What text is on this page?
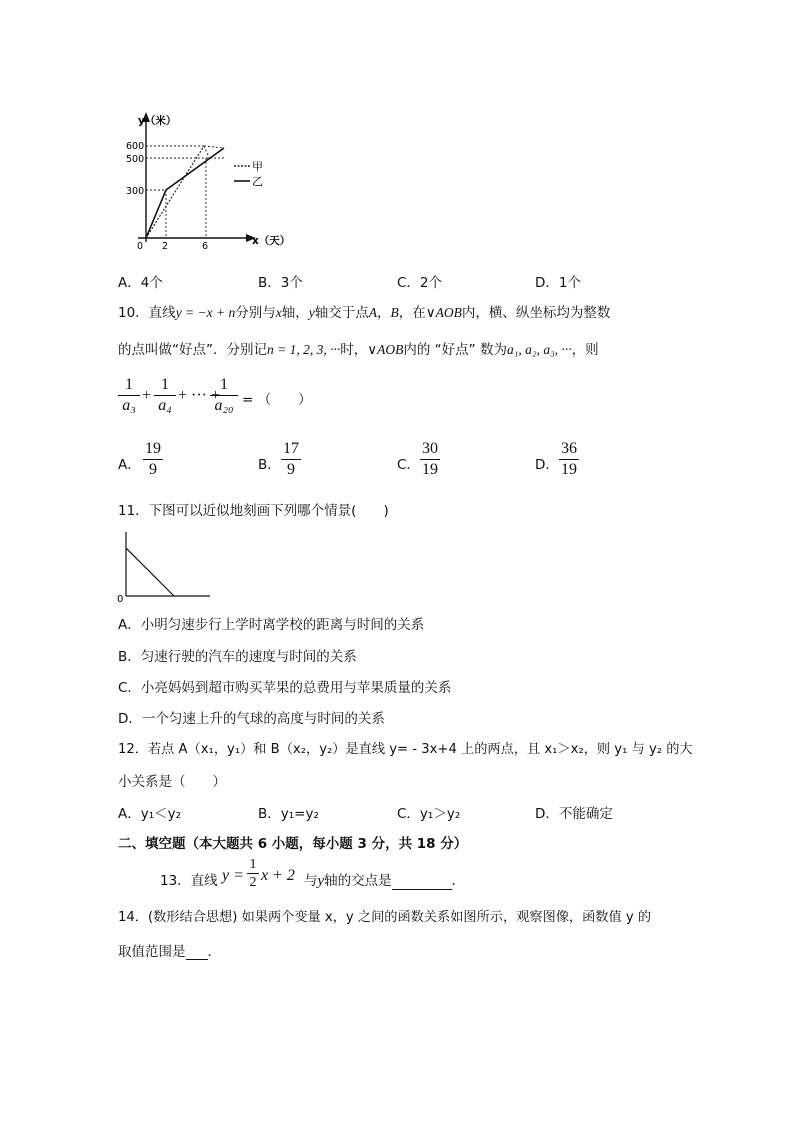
y（米）
x（天）
600
500
300
0 2	6
甲
乙
A．4个	B．3个	C．2个	D．1个
10．直线y = −x + n分别与x轴，y轴交于点A，B，在∨AOB内，横、纵坐标均为整数
的点叫做“好点”．分别记n = 1, 2, 3, ···时，∨AOB内的 “好点” 数为a₁, a₂, a₃, ···，则
1
a₃
+
1
a₄
+ ··· +
1
a₂₀ = （　　）
A．
19
9	B．
17
9	C．
30
19	D．
36
19
11．下图可以近似地刻画下列哪个情景(　　)
0
A．小明匀速步行上学时离学校的距离与时间的关系
B．匀速行驶的汽车的速度与时间的关系
C．小亮妈妈到超市购买苹果的总费用与苹果质量的关系
D．一个匀速上升的气球的高度与时间的关系
12．若点 A（x₁，y₁）和 B（x₂，y₂）是直线 y= - 3x+4 上的两点，且 x₁＞x₂，则 y₁ 与 y₂ 的大
小关系是（　　）
A．y₁＜y₂	B．y₁=y₂	C．y₁＞y₂	D．不能确定
二、填空题（本大题共 6 小题，每小题 3 分，共 18 分）
13．直线 y =
1
2 x + 2 与y轴的交点是	．
14．(数形结合思想) 如果两个变量 x，y 之间的函数关系如图所示，观察图像，函数值 y 的
取值范围是 ．
